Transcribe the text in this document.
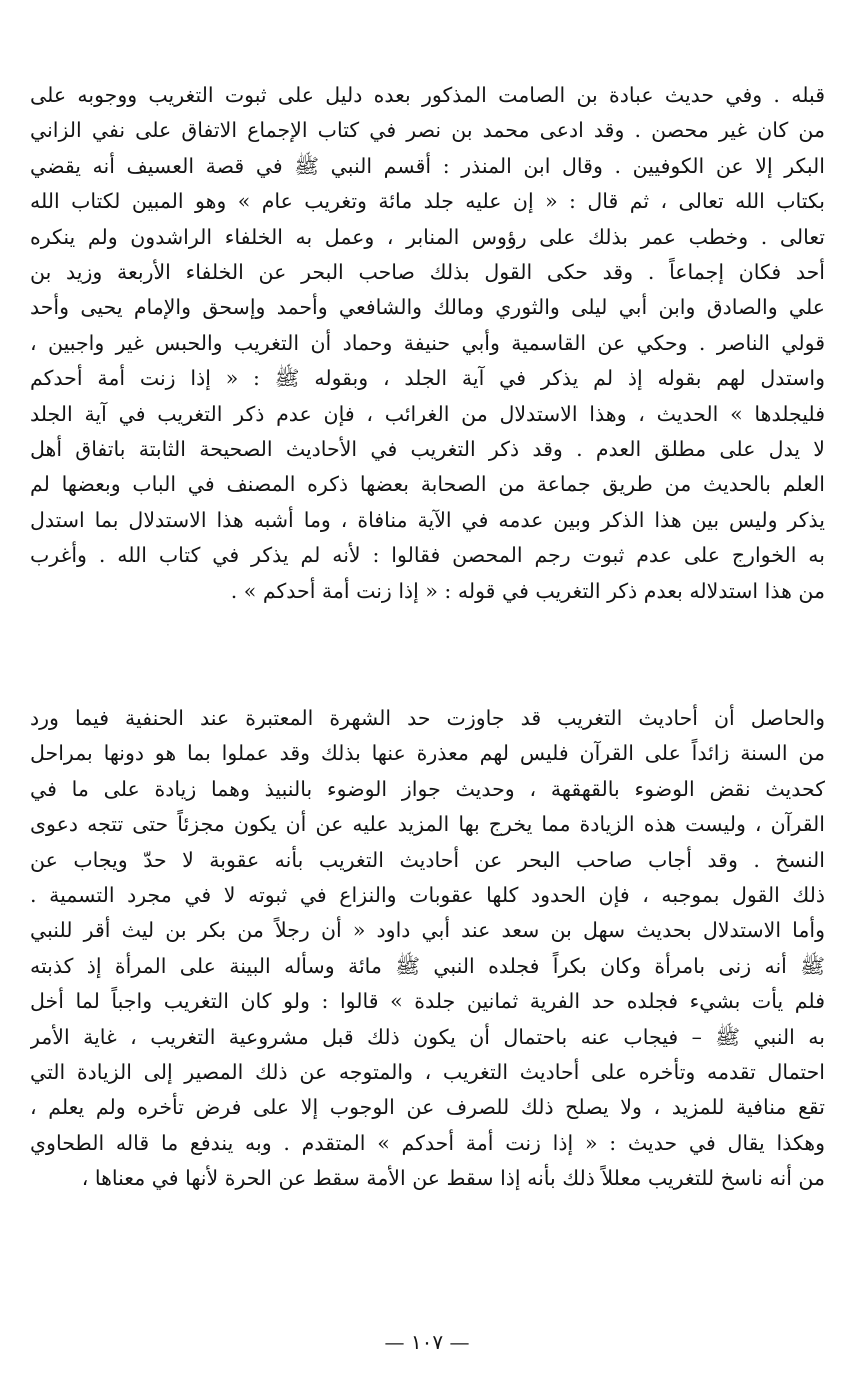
قبله . وفي حديث عبادة بن الصامت المذكور بعده دليل على ثبوت التغريب ووجوبه على
من كان غير محصن . وقد ادعى محمد بن نصر في كتاب الإجماع الاتفاق على نفي الزاني
البكر إلا عن الكوفيين . وقال ابن المنذر : أقسم النبي ﷺ في قصة العسيف أنه يقضي
بكتاب الله تعالى ، ثم قال : « إن عليه جلد مائة وتغريب عام » وهو المبين لكتاب الله
تعالى . وخطب عمر بذلك على رؤوس المنابر ، وعمل به الخلفاء الراشدون ولم ينكره
أحد فكان إجماعاً . وقد حكى القول بذلك صاحب البحر عن الخلفاء الأربعة وزيد بن
علي والصادق وابن أبي ليلى والثوري ومالك والشافعي وأحمد وإسحق والإمام يحيى وأحد
قولي الناصر . وحكي عن القاسمية وأبي حنيفة وحماد أن التغريب والحبس غير واجبين ،
واستدل لهم بقوله إذ لم يذكر في آية الجلد ، وبقوله ﷺ : « إذا زنت أمة أحدكم
فليجلدها » الحديث ، وهذا الاستدلال من الغرائب ، فإن عدم ذكر التغريب في آية الجلد
لا يدل على مطلق العدم . وقد ذكر التغريب في الأحاديث الصحيحة الثابتة باتفاق أهل
العلم بالحديث من طريق جماعة من الصحابة بعضها ذكره المصنف في الباب وبعضها لم
يذكر وليس بين هذا الذكر وبين عدمه في الآية منافاة ، وما أشبه هذا الاستدلال بما استدل
به الخوارج على عدم ثبوت رجم المحصن فقالوا : لأنه لم يذكر في كتاب الله . وأغرب
من هذا استدلاله بعدم ذكر التغريب في قوله : « إذا زنت أمة أحدكم » .
والحاصل أن أحاديث التغريب قد جاوزت حد الشهرة المعتبرة عند الحنفية فيما ورد
من السنة زائداً على القرآن فليس لهم معذرة عنها بذلك وقد عملوا بما هو دونها بمراحل
كحديث نقض الوضوء بالقهقهة ، وحديث جواز الوضوء بالنبيذ وهما زيادة على ما في
القرآن ، وليست هذه الزيادة مما يخرج بها المزيد عليه عن أن يكون مجزئاً حتى تتجه دعوى
النسخ . وقد أجاب صاحب البحر عن أحاديث التغريب بأنه عقوبة لا حدّ ويجاب عن
ذلك القول بموجبه ، فإن الحدود كلها عقوبات والنزاع في ثبوته لا في مجرد التسمية .
وأما الاستدلال بحديث سهل بن سعد عند أبي داود « أن رجلاً من بكر بن ليث أقر للنبي
ﷺ أنه زنى بامرأة وكان بكراً فجلده النبي ﷺ مائة وسأله البينة على المرأة إذ كذبته
فلم يأت بشيء فجلده حد الفرية ثمانين جلدة » قالوا : ولو كان التغريب واجباً لما أخل
به النبي ﷺ – فيجاب عنه باحتمال أن يكون ذلك قبل مشروعية التغريب ، غاية الأمر
احتمال تقدمه وتأخره على أحاديث التغريب ، والمتوجه عن ذلك المصير إلى الزيادة التي
تقع منافية للمزيد ، ولا يصلح ذلك للصرف عن الوجوب إلا على فرض تأخره ولم يعلم ،
وهكذا يقال في حديث : « إذا زنت أمة أحدكم » المتقدم . وبه يندفع ما قاله الطحاوي
من أنه ناسخ للتغريب معللاً ذلك بأنه إذا سقط عن الأمة سقط عن الحرة لأنها في معناها ،
— ١٠٧ —
